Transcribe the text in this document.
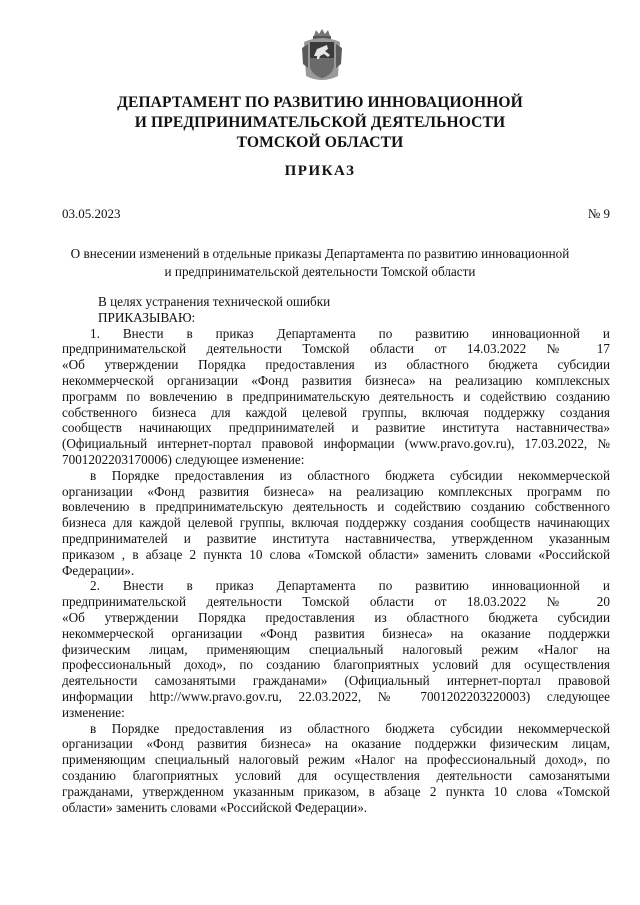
ДЕПАРТАМЕНТ ПО РАЗВИТИЮ ИННОВАЦИОННОЙ
И ПРЕДПРИНИМАТЕЛЬСКОЙ ДЕЯТЕЛЬНОСТИ
ТОМСКОЙ ОБЛАСТИ
ПРИКАЗ
03.05.2023	№ 9
О внесении изменений в отдельные приказы Департамента по развитию инновационной
и предпринимательской деятельности Томской области

В целях устранения технической ошибки

ПРИКАЗЫВАЮ:

1. Внести в приказ Департамента по развитию инновационной и

предпринимательской деятельности Томской области от 14.03.2022 № 17

«Об утверждении Порядка предоставления из областного бюджета субсидии

некоммерческой организации «Фонд развития бизнеса» на реализацию комплексных

программ по вовлечению в предпринимательскую деятельность и содействию созданию

собственного бизнеса для каждой целевой группы, включая поддержку создания

сообществ начинающих предпринимателей и развитие института наставничества»

(Официальный интернет-портал правовой информации (www.pravo.gov.ru), 17.03.2022, №

7001202203170006) следующее изменение:

в Порядке предоставления из областного бюджета субсидии некоммерческой

организации «Фонд развития бизнеса» на реализацию комплексных программ по

вовлечению в предпринимательскую деятельность и содействию созданию собственного

бизнеса для каждой целевой группы, включая поддержку создания сообществ начинающих

предпринимателей и развитие института наставничества, утвержденном указанным

приказом , в абзаце 2 пункта 10 слова «Томской области» заменить словами «Российской

Федерации».

2. Внести в приказ Департамента по развитию инновационной и

предпринимательской деятельности Томской области от 18.03.2022 № 20

«Об утверждении Порядка предоставления из областного бюджета субсидии

некоммерческой организации «Фонд развития бизнеса» на оказание поддержки

физическим лицам, применяющим специальный налоговый режим «Налог на

профессиональный доход», по созданию благоприятных условий для осуществления

деятельности самозанятыми гражданами» (Официальный интернет-портал правовой

информации http://www.pravo.gov.ru, 22.03.2022, № 7001202203220003) следующее

изменение:

в Порядке предоставления из областного бюджета субсидии некоммерческой

организации «Фонд развития бизнеса» на оказание поддержки физическим лицам,

применяющим специальный налоговый режим «Налог на профессиональный доход», по

созданию благоприятных условий для осуществления деятельности самозанятыми

гражданами, утвержденном указанным приказом, в абзаце 2 пункта 10 слова «Томской

области» заменить словами «Российской Федерации».
